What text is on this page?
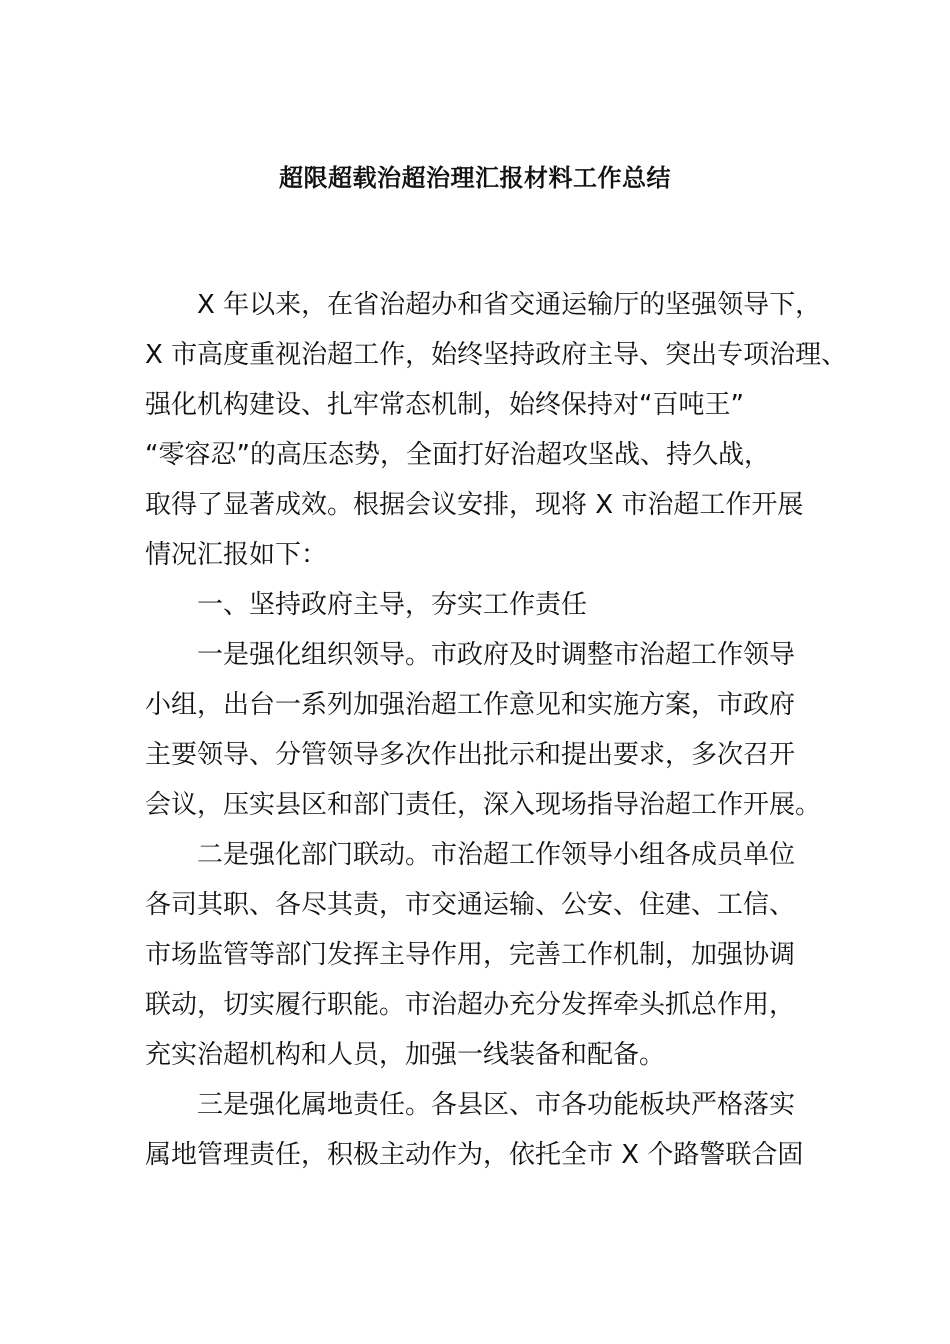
超限超载治超治理汇报材料工作总结

X 年以来，在省治超办和省交通运输厅的坚强领导下，

X 市高度重视治超工作，始终坚持政府主导、突出专项治理、

强化机构建设、扎牢常态机制，始终保持对“百吨王”

“零容忍”的高压态势，全面打好治超攻坚战、持久战，

取得了显著成效。根据会议安排，现将 X 市治超工作开展

情况汇报如下：

一、坚持政府主导，夯实工作责任

一是强化组织领导。市政府及时调整市治超工作领导

小组，出台一系列加强治超工作意见和实施方案，市政府

主要领导、分管领导多次作出批示和提出要求，多次召开

会议，压实县区和部门责任，深入现场指导治超工作开展。

二是强化部门联动。市治超工作领导小组各成员单位

各司其职、各尽其责，市交通运输、公安、住建、工信、

市场监管等部门发挥主导作用，完善工作机制，加强协调

联动，切实履行职能。市治超办充分发挥牵头抓总作用，

充实治超机构和人员，加强一线装备和配备。

三是强化属地责任。各县区、市各功能板块严格落实

属地管理责任，积极主动作为，依托全市 X 个路警联合固
